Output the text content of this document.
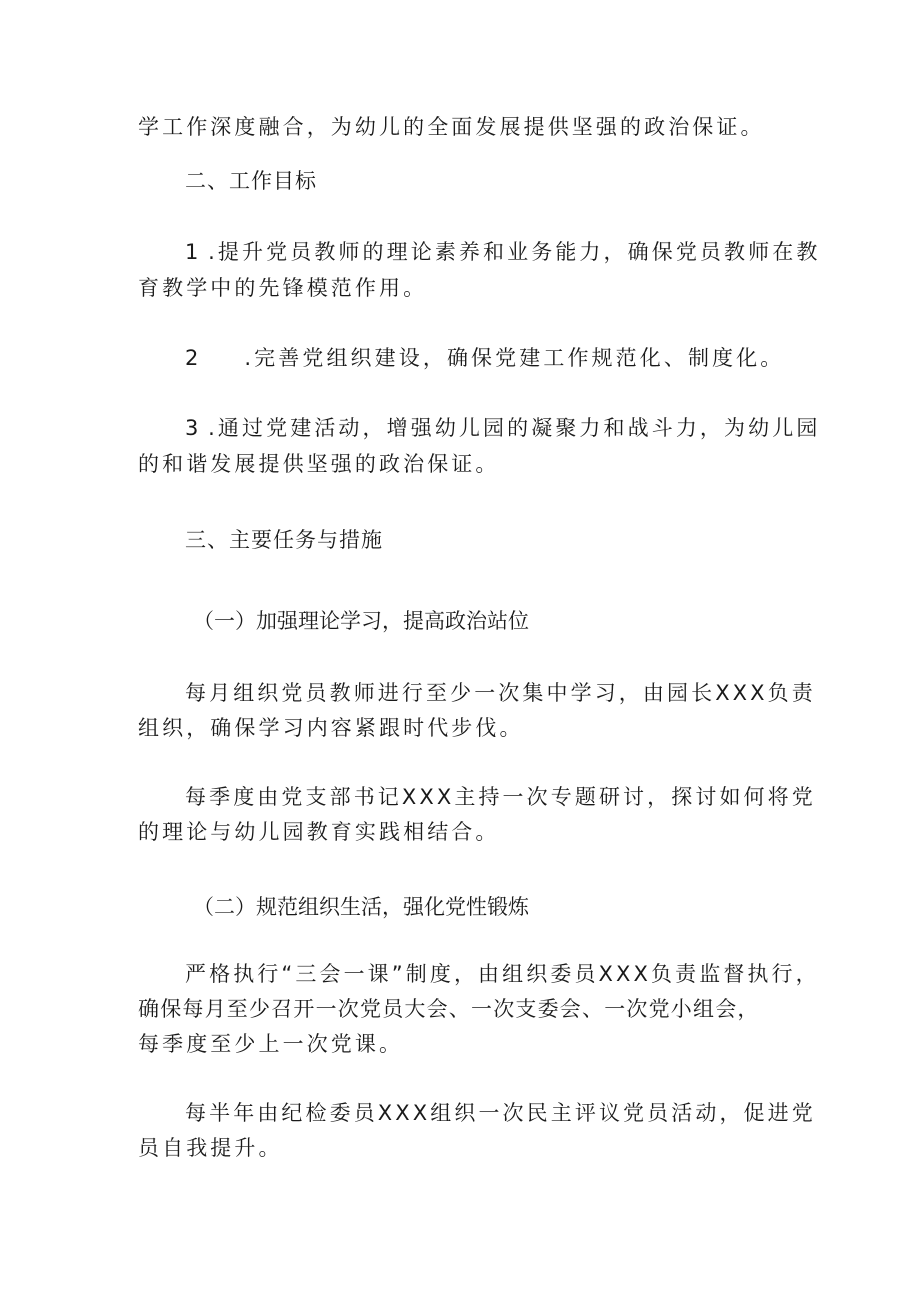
学工作深度融合，为幼儿的全面发展提供坚强的政治保证。
二、工作目标
1 .提升党员教师的理论素养和业务能力，确保党员教师在教
育教学中的先锋模范作用。
2 .完善党组织建设，确保党建工作规范化、制度化。
3 .通过党建活动，增强幼儿园的凝聚力和战斗力，为幼儿园
的和谐发展提供坚强的政治保证。
三、主要任务与措施
（一）加强理论学习，提高政治站位
每月组织党员教师进行至少一次集中学习，由园长XXX负责
组织，确保学习内容紧跟时代步伐。
每季度由党支部书记XXX主持一次专题研讨，探讨如何将党
的理论与幼儿园教育实践相结合。
（二）规范组织生活，强化党性锻炼
严格执行“三会一课”制度，由组织委员XXX负责监督执行，
确保每月至少召开一次党员大会、一次支委会、一次党小组会，
每季度至少上一次党课。
每半年由纪检委员XXX组织一次民主评议党员活动，促进党
员自我提升。
